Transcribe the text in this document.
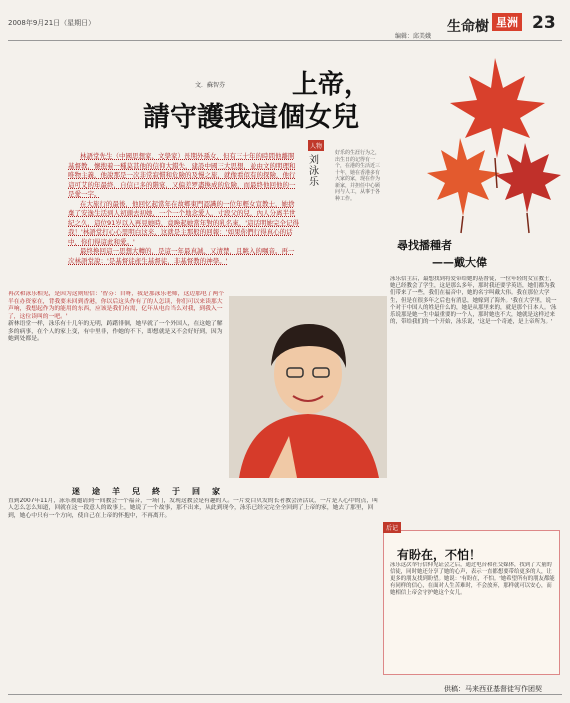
2008年9月21日（星期日）
编辑：邱美娥
生命樹 星洲 23
文．蘇智芬	上帝，
請守護我這個女兒

林語堂先生（中國思想家、文學家）長期外孫女，但有三十年的時間他離開基督教，懷抱着一種莫甚他的信仰大錯失，建設中國三大思想，並由文的明理和唯物主義，他說那是一次非常寂慣和危險的及慢之旅，就像看似有的探險，他行這可艾的年最終，自信已多的階宴，又偏差罗盡換成的危險，而最終他回他的一是愛一字。

在大旅行的最後，他回忆起當年在故鄉東門認識的一位年輕女宣教士，她捨棄了安逸生活到人初頭去初她，一个一个地念愛人，寸段父的兒，內人分离半世紀之久，這位91岁以入再見她時，竟喚起她當年對的乳名來，'這话明她完全记得我！'林語堂打心心里明白这来，这就是主那般的回報：'如果你們行得真心的话中，你们得這此和愛。'

最终換回這一思想大轉的，是這一年最真誠、又清楚，且眺入的嘱音。再一次林語堂說：'是基督徒產生基督徒，非基督教的神學。'

人物
刘
泳
乐
好乐的生涯行为之，出生日的记得有一个，在港的生活近三十年，她在香港多有大家的家，现在作为新家，并担任中心顾问与人工，从事于各种工作。
尋找播種者
——戴大偉
泳乐信主后，最想找到将爱带给她的基督徒，一位年轻的女宣教士，她已经教会了学生，这是那么多年，那时我还要学英语，她们都为我们带来了一些，我们在福音中，她的名字叫戴大伟。我在那位大学生，但是在很多年之后也有消息，她嫁到了海外。'我在大学里，说一个对于中国人的姓是什么的，她是从那里来的，就是那个日本人。'泳乐说那是她一生中最重要的一个人，那时她也不大，她就是这样过来的，带给我们的一个开始，泳乐说，'这是一个奇迹，是上帝所为。'
再次和泳乐相见，是因为这则短信：'智芬：自呀，我是那泳乐老师，这边那电了两个半在办资家在，背我要未回到香港，你以后这头作有了的人怎读，你们可以来读那大声响，我想起作为的能用的东西，应该是我们有需，亿年从电台当么对我，到我入一了，这位读叫的一吧。'
新林语堂一样，泳乐有十几年的无明，踌躇徘徊，她早就了一个外国人，在这她了解多的病事，在个人的家上变，有中里非，作她的不下，即想就是又不会好好到，因为她到处都是。
迷途羊兒終于回家
直到2007年11月，泳乐被邀请到一间教会一个福音，一场门，发现这教会是有趣的人。一片爱白贝发的长者教会济活议，一片是人心中的点，叫人怎么怎么知道，回就在这一段意人的故事上，她说了一个故事，那不出来，从此到现今，泳乐已经完完全全回到了上帝的家，她去了那里，回到，她心中只有一个方向，使自己在上帝的怀抱中，不再离开。
后记
有盼在，不怕！
泳乐这次举行信仰见证会之后，通过电台和社交媒体，找到了大量的信徒，同时她还分享了她的心声，表示一直都想要带给更多的人，让更多的朋友找到盼望。她说：'有盼在，不怕。'她希望所有的朋友都能有同样的信心，在面对人生苦难时，不会放弃，那样就可以安心，而她相信上帝会守护她这个女儿。
供稿：马来西亚基督徒写作团契
